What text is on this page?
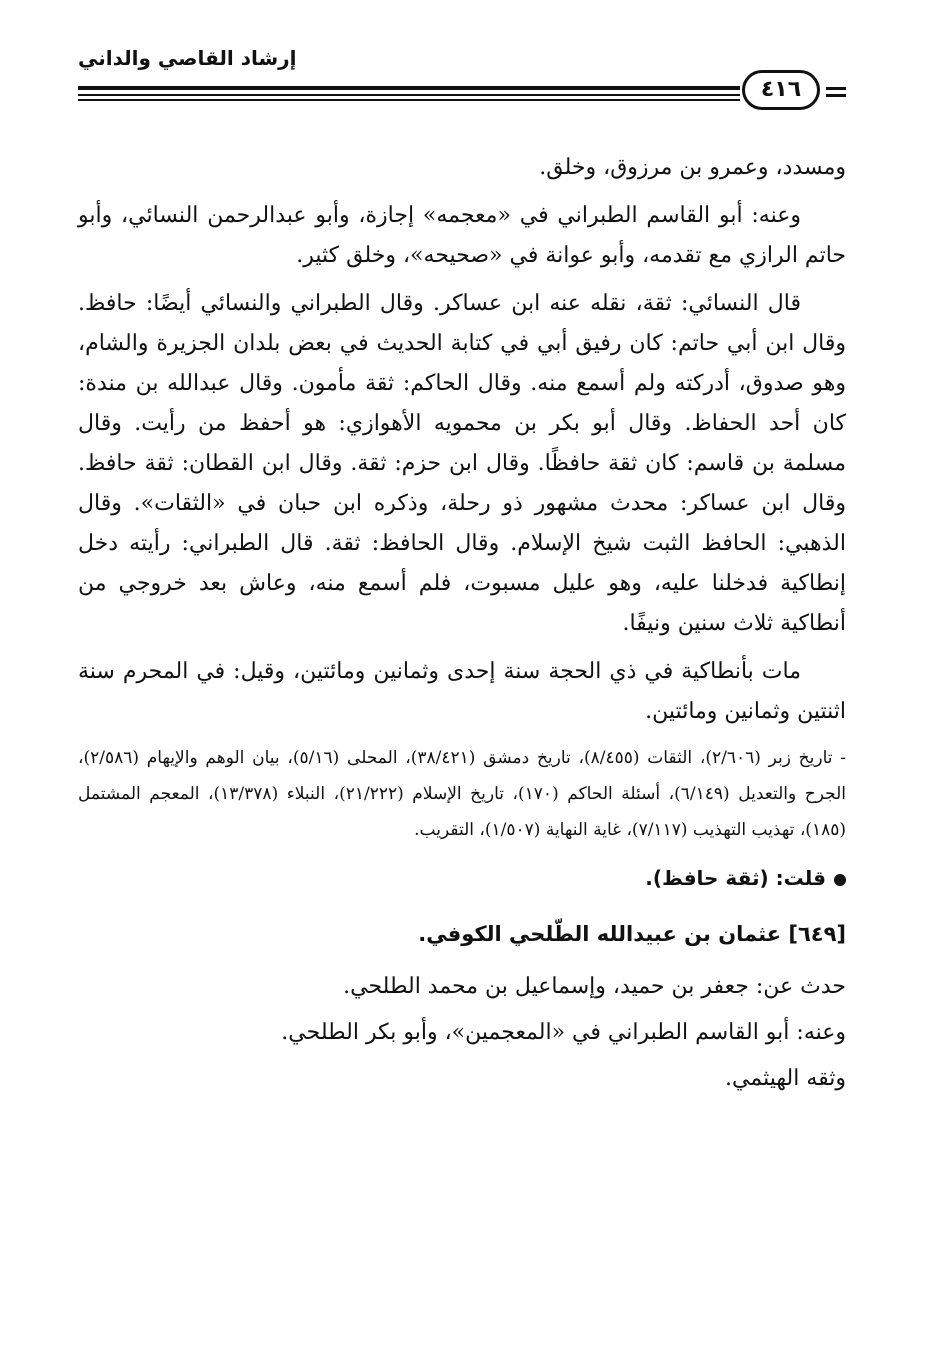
إرشاد القاصي والداني
٤١٦

ومسدد، وعمرو بن مرزوق، وخلق.

وعنه: أبو القاسم الطبراني في «معجمه» إجازة، وأبو عبدالرحمن النسائي، وأبو حاتم الرازي مع تقدمه، وأبو عوانة في «صحيحه»، وخلق كثير.

قال النسائي: ثقة، نقله عنه ابن عساكر. وقال الطبراني والنسائي أيضًا: حافظ. وقال ابن أبي حاتم: كان رفيق أبي في كتابة الحديث في بعض بلدان الجزيرة والشام، وهو صدوق، أدركته ولم أسمع منه. وقال الحاكم: ثقة مأمون. وقال عبدالله بن مندة: كان أحد الحفاظ. وقال أبو بكر بن محمويه الأهوازي: هو أحفظ من رأيت. وقال مسلمة بن قاسم: كان ثقة حافظًا. وقال ابن حزم: ثقة. وقال ابن القطان: ثقة حافظ. وقال ابن عساكر: محدث مشهور ذو رحلة، وذكره ابن حبان في «الثقات». وقال الذهبي: الحافظ الثبت شيخ الإسلام. وقال الحافظ: ثقة. قال الطبراني: رأيته دخل إنطاكية فدخلنا عليه، وهو عليل مسبوت، فلم أسمع منه، وعاش بعد خروجي من أنطاكية ثلاث سنين ونيفًا.

مات بأنطاكية في ذي الحجة سنة إحدى وثمانين ومائتين، وقيل: في المحرم سنة اثنتين وثمانين ومائتين.

- تاريخ زبر (٢/٦٠٦)، الثقات (٨/٤٥٥)، تاريخ دمشق (٣٨/٤٢١)، المحلى (٥/١٦)، بيان الوهم والإيهام (٢/٥٨٦)، الجرح والتعديل (٦/١٤٩)، أسئلة الحاكم (١٧٠)، تاريخ الإسلام (٢١/٢٢٢)، النبلاء (١٣/٣٧٨)، المعجم المشتمل (١٨٥)، تهذيب التهذيب (٧/١١٧)، غاية النهاية (١/٥٠٧)، التقريب.

قلت: (ثقة حافظ).

[٦٤٩] عثمان بن عبيدالله الطّلحي الكوفي.

حدث عن: جعفر بن حميد، وإسماعيل بن محمد الطلحي.

وعنه: أبو القاسم الطبراني في «المعجمين»، وأبو بكر الطلحي.

وثقه الهيثمي.
